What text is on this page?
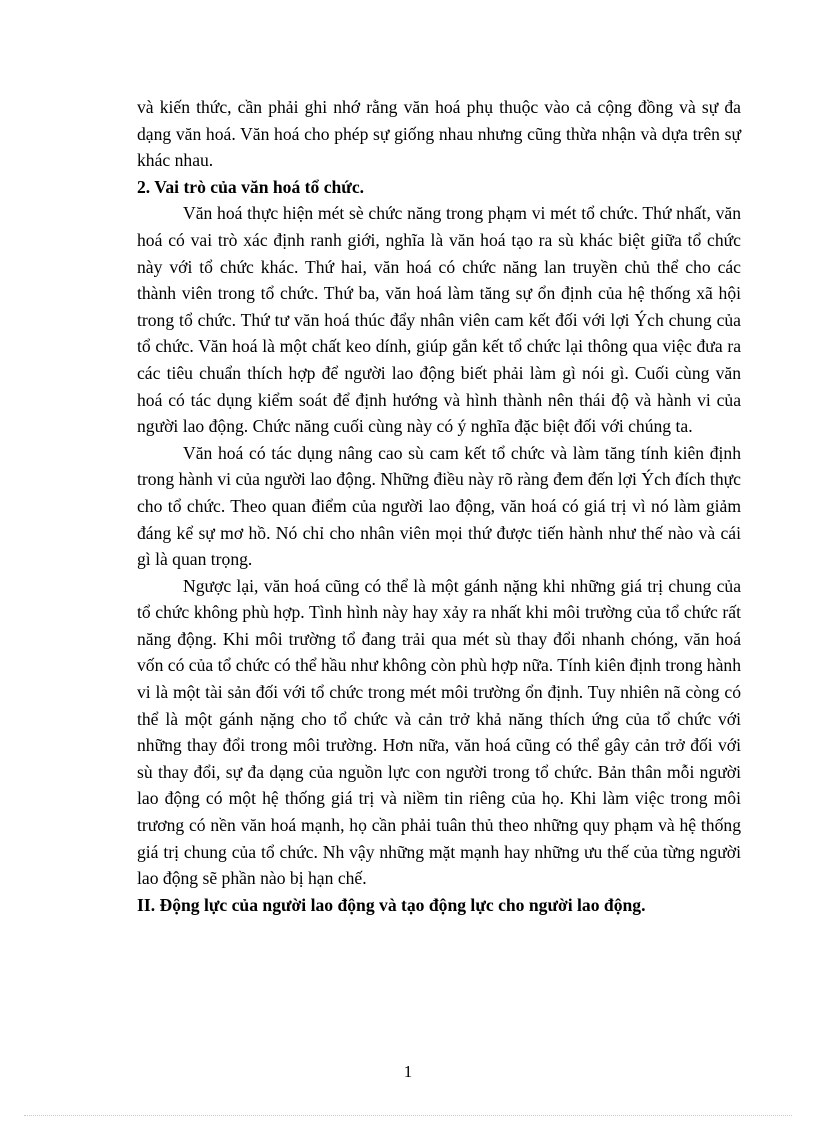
và kiến thức, cần phải ghi nhớ rằng văn hoá phụ thuộc vào cả cộng đồng và sự đa dạng văn hoá. Văn hoá cho phép sự giống nhau nhưng cũng thừa nhận và dựa trên sự khác nhau.

2. Vai trò của văn hoá tổ chức.

Văn hoá thực hiện mét sè chức năng trong phạm vi mét tổ chức. Thứ nhất, văn hoá có vai trò xác định ranh giới, nghĩa là văn hoá tạo ra sù khác biệt giữa tổ chức này với tổ chức khác. Thứ hai, văn hoá có chức năng lan truyền chủ thể cho các thành viên trong tổ chức. Thứ ba, văn hoá làm tăng sự ổn định của hệ thống xã hội trong tổ chức. Thứ tư văn hoá thúc đẩy nhân viên cam kết đối với lợi Ých chung của tổ chức. Văn hoá là một chất keo dính, giúp gắn kết tổ chức lại thông qua việc đưa ra các tiêu chuẩn thích hợp để người lao động biết phải làm gì nói gì. Cuối cùng văn hoá có tác dụng kiểm soát để định hướng và hình thành nên thái độ và hành vi của người lao động. Chức năng cuối cùng này có ý nghĩa đặc biệt đối với chúng ta.

Văn hoá có tác dụng nâng cao sù cam kết tổ chức và làm tăng tính kiên định trong hành vi của người lao động. Những điều này rõ ràng đem đến lợi Ých đích thực cho tổ chức. Theo quan điểm của người lao động, văn hoá có giá trị vì nó làm giảm đáng kể sự mơ hồ. Nó chỉ cho nhân viên mọi thứ được tiến hành như thế nào và cái gì là quan trọng.

Ngược lại, văn hoá cũng có thể là một gánh nặng khi những giá trị chung của tổ chức không phù hợp. Tình hình này hay xảy ra nhất khi môi trường của tổ chức rất năng động. Khi môi trường tổ đang trải qua mét sù thay đổi nhanh chóng, văn hoá vốn có của tổ chức có thể hầu như không còn phù hợp nữa. Tính kiên định trong hành vi là một tài sản đối với tổ chức trong mét môi trường ổn định. Tuy nhiên nã còng có thể là một gánh nặng cho tổ chức và cản trở khả năng thích ứng của tổ chức với những thay đổi trong môi trường. Hơn nữa, văn hoá cũng có thể gây cản trở đối với sù thay đổi, sự đa dạng của nguồn lực con người trong tổ chức. Bản thân mỗi người lao động có một hệ thống giá trị và niềm tin riêng của họ. Khi làm việc trong môi trương có nền văn hoá mạnh, họ cần phải tuân thủ theo những quy phạm và hệ thống giá trị chung của tổ chức. Nh vậy những mặt mạnh hay những ưu thế của từng người lao động sẽ phần nào bị hạn chế.

II. Động lực của người lao động và tạo động lực cho người lao động.
1
